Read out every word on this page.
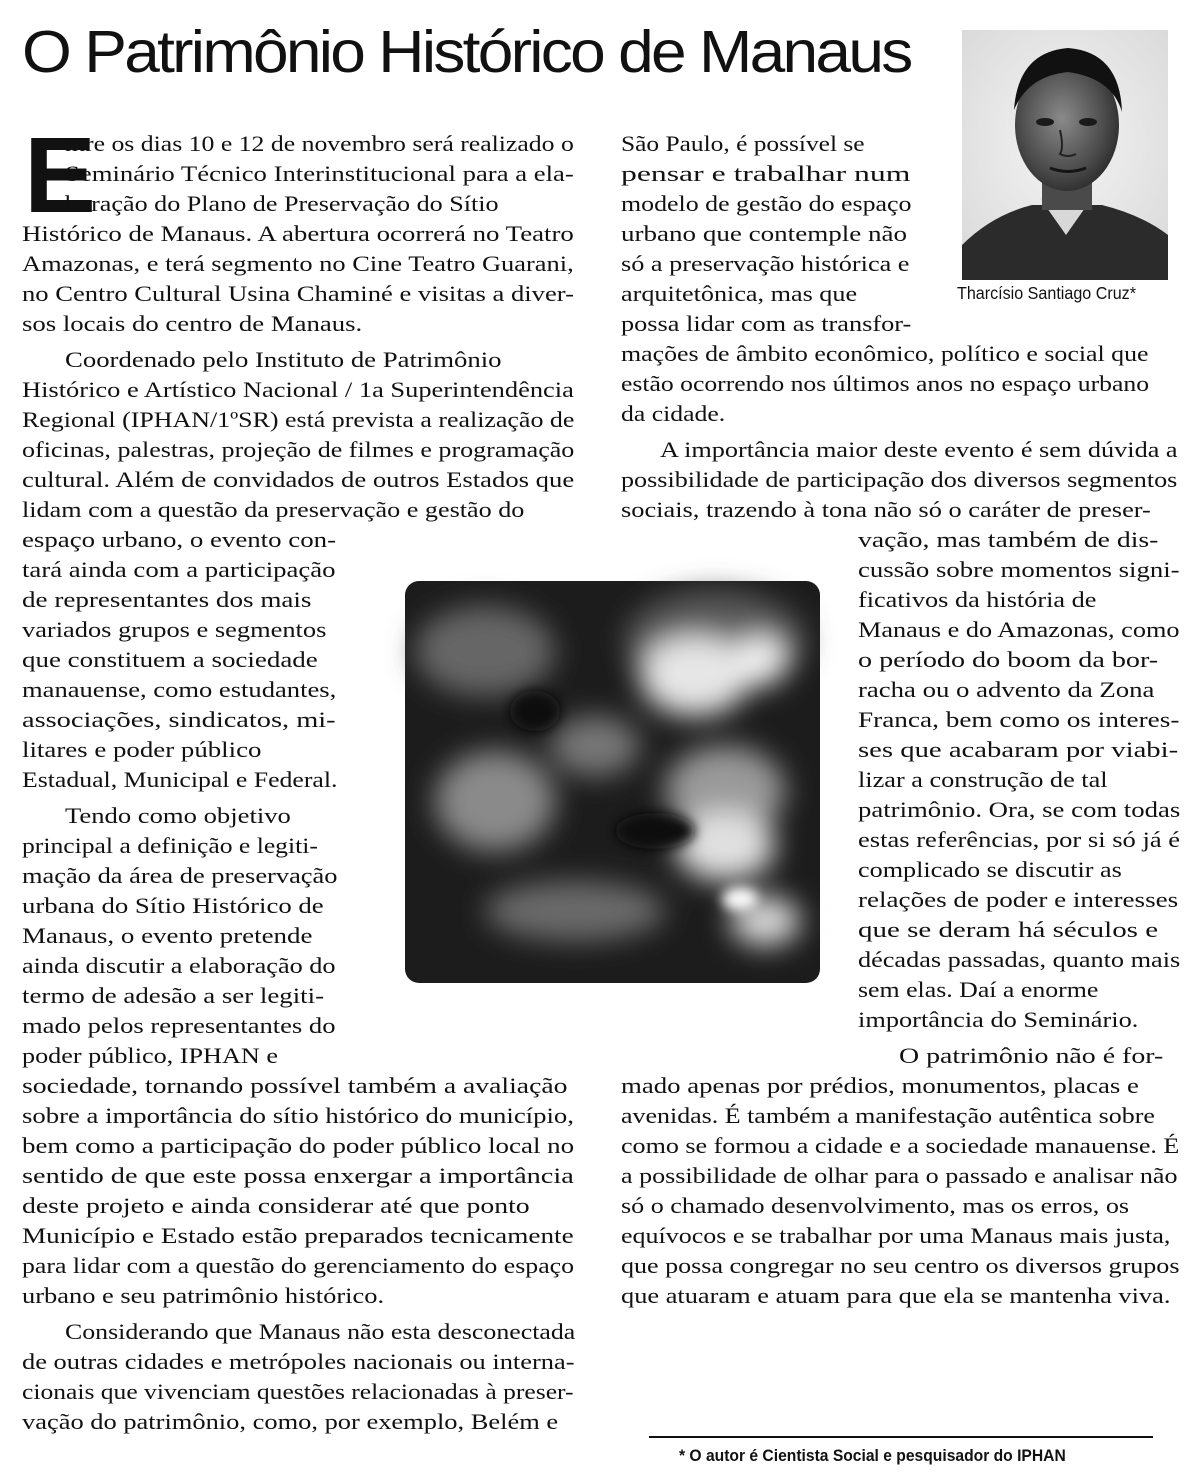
O Patrimônio Histórico de Manaus

Tharcísio Santiago Cruz*

E

ntre os dias 10 e 12 de novembro será realizado o

Seminário Técnico Interinstitucional para a ela-

boração do Plano de Preservação do Sítio

Histórico de Manaus. A abertura ocorrerá no Teatro

Amazonas, e terá segmento no Cine Teatro Guarani,

no Centro Cultural Usina Chaminé e visitas a diver-

sos locais do centro de Manaus.

Coordenado pelo Instituto de Patrimônio

Histórico e Artístico Nacional / 1a Superintendência

Regional (IPHAN/1ºSR) está prevista a realização de

oficinas, palestras, projeção de filmes e programação

cultural. Além de convidados de outros Estados que

lidam com a questão da preservação e gestão do

espaço urbano, o evento con-

tará ainda com a participação

de representantes dos mais

variados grupos e segmentos

que constituem a sociedade

manauense, como estudantes,

associações, sindicatos, mi-

litares e poder público

Estadual, Municipal e Federal.

Tendo como objetivo

principal a definição e legiti-

mação da área de preservação

urbana do Sítio Histórico de

Manaus, o evento pretende

ainda discutir a elaboração do

termo de adesão a ser legiti-

mado pelos representantes do

poder público, IPHAN e

sociedade, tornando possível também a avaliação

sobre a importância do sítio histórico do município,

bem como a participação do poder público local no

sentido de que este possa enxergar a importância

deste projeto e ainda considerar até que ponto

Município e Estado estão preparados tecnicamente

para lidar com a questão do gerenciamento do espaço

urbano e seu patrimônio histórico.

Considerando que Manaus não esta desconectada

de outras cidades e metrópoles nacionais ou interna-

cionais que vivenciam questões relacionadas à preser-

vação do patrimônio, como, por exemplo, Belém e

São Paulo, é possível se

pensar e trabalhar num

modelo de gestão do espaço

urbano que contemple não

só a preservação histórica e

arquitetônica, mas que

possa lidar com as transfor-

mações de âmbito econômico, político e social que

estão ocorrendo nos últimos anos no espaço urbano

da cidade.

A importância maior deste evento é sem dúvida a

possibilidade de participação dos diversos segmentos

sociais, trazendo à tona não só o caráter de preser-

vação, mas também de dis-

cussão sobre momentos signi-

ficativos da história de

Manaus e do Amazonas, como

o período do boom da bor-

racha ou o advento da Zona

Franca, bem como os interes-

ses que acabaram por viabi-

lizar a construção de tal

patrimônio. Ora, se com todas

estas referências, por si só já é

complicado se discutir as

relações de poder e interesses

que se deram há séculos e

décadas passadas, quanto mais

sem elas. Daí a enorme

importância do Seminário.

O patrimônio não é for-

mado apenas por prédios, monumentos, placas e

avenidas. É também a manifestação autêntica sobre

como se formou a cidade e a sociedade manauense. É

a possibilidade de olhar para o passado e analisar não

só o chamado desenvolvimento, mas os erros, os

equívocos e se trabalhar por uma Manaus mais justa,

que possa congregar no seu centro os diversos grupos

que atuaram e atuam para que ela se mantenha viva.

* O autor é Cientista Social e pesquisador do IPHAN
